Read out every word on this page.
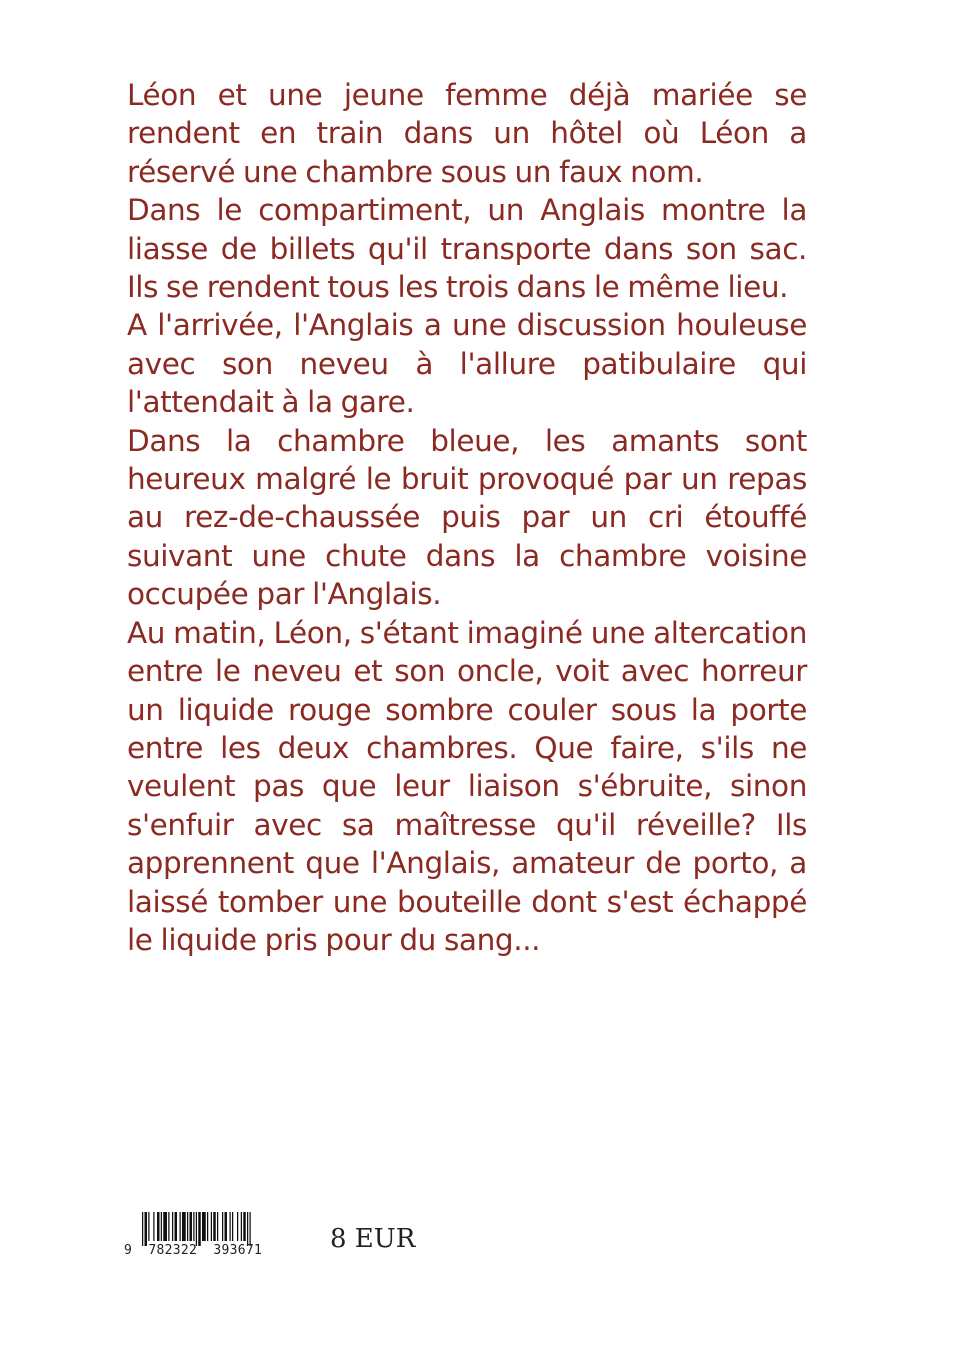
Léon et une jeune femme déjà mariée se rendent en train dans un hôtel où Léon a réservé une chambre sous un faux nom.

Dans le compartiment, un Anglais montre la liasse de billets qu'il transporte dans son sac. Ils se rendent tous les trois dans le même lieu.

A l'arrivée, l'Anglais a une discussion houleuse avec son neveu à l'allure patibulaire qui l'attendait à la gare.

Dans la chambre bleue, les amants sont heureux malgré le bruit provoqué par un repas au rez-de-chaussée puis par un cri étouffé suivant une chute dans la chambre voisine occupée par l'Anglais.

Au matin, Léon, s'étant imaginé une altercation entre le neveu et son oncle, voit avec horreur un liquide rouge sombre couler sous la porte entre les deux chambres. Que faire, s'ils ne veulent pas que leur liaison s'ébruite, sinon s'enfuir avec sa maîtresse qu'il réveille? Ils apprennent que l'Anglais, amateur de porto, a laissé tomber une bouteille dont s'est échappé le liquide pris pour du sang...

9  782322  393671	8 EUR
